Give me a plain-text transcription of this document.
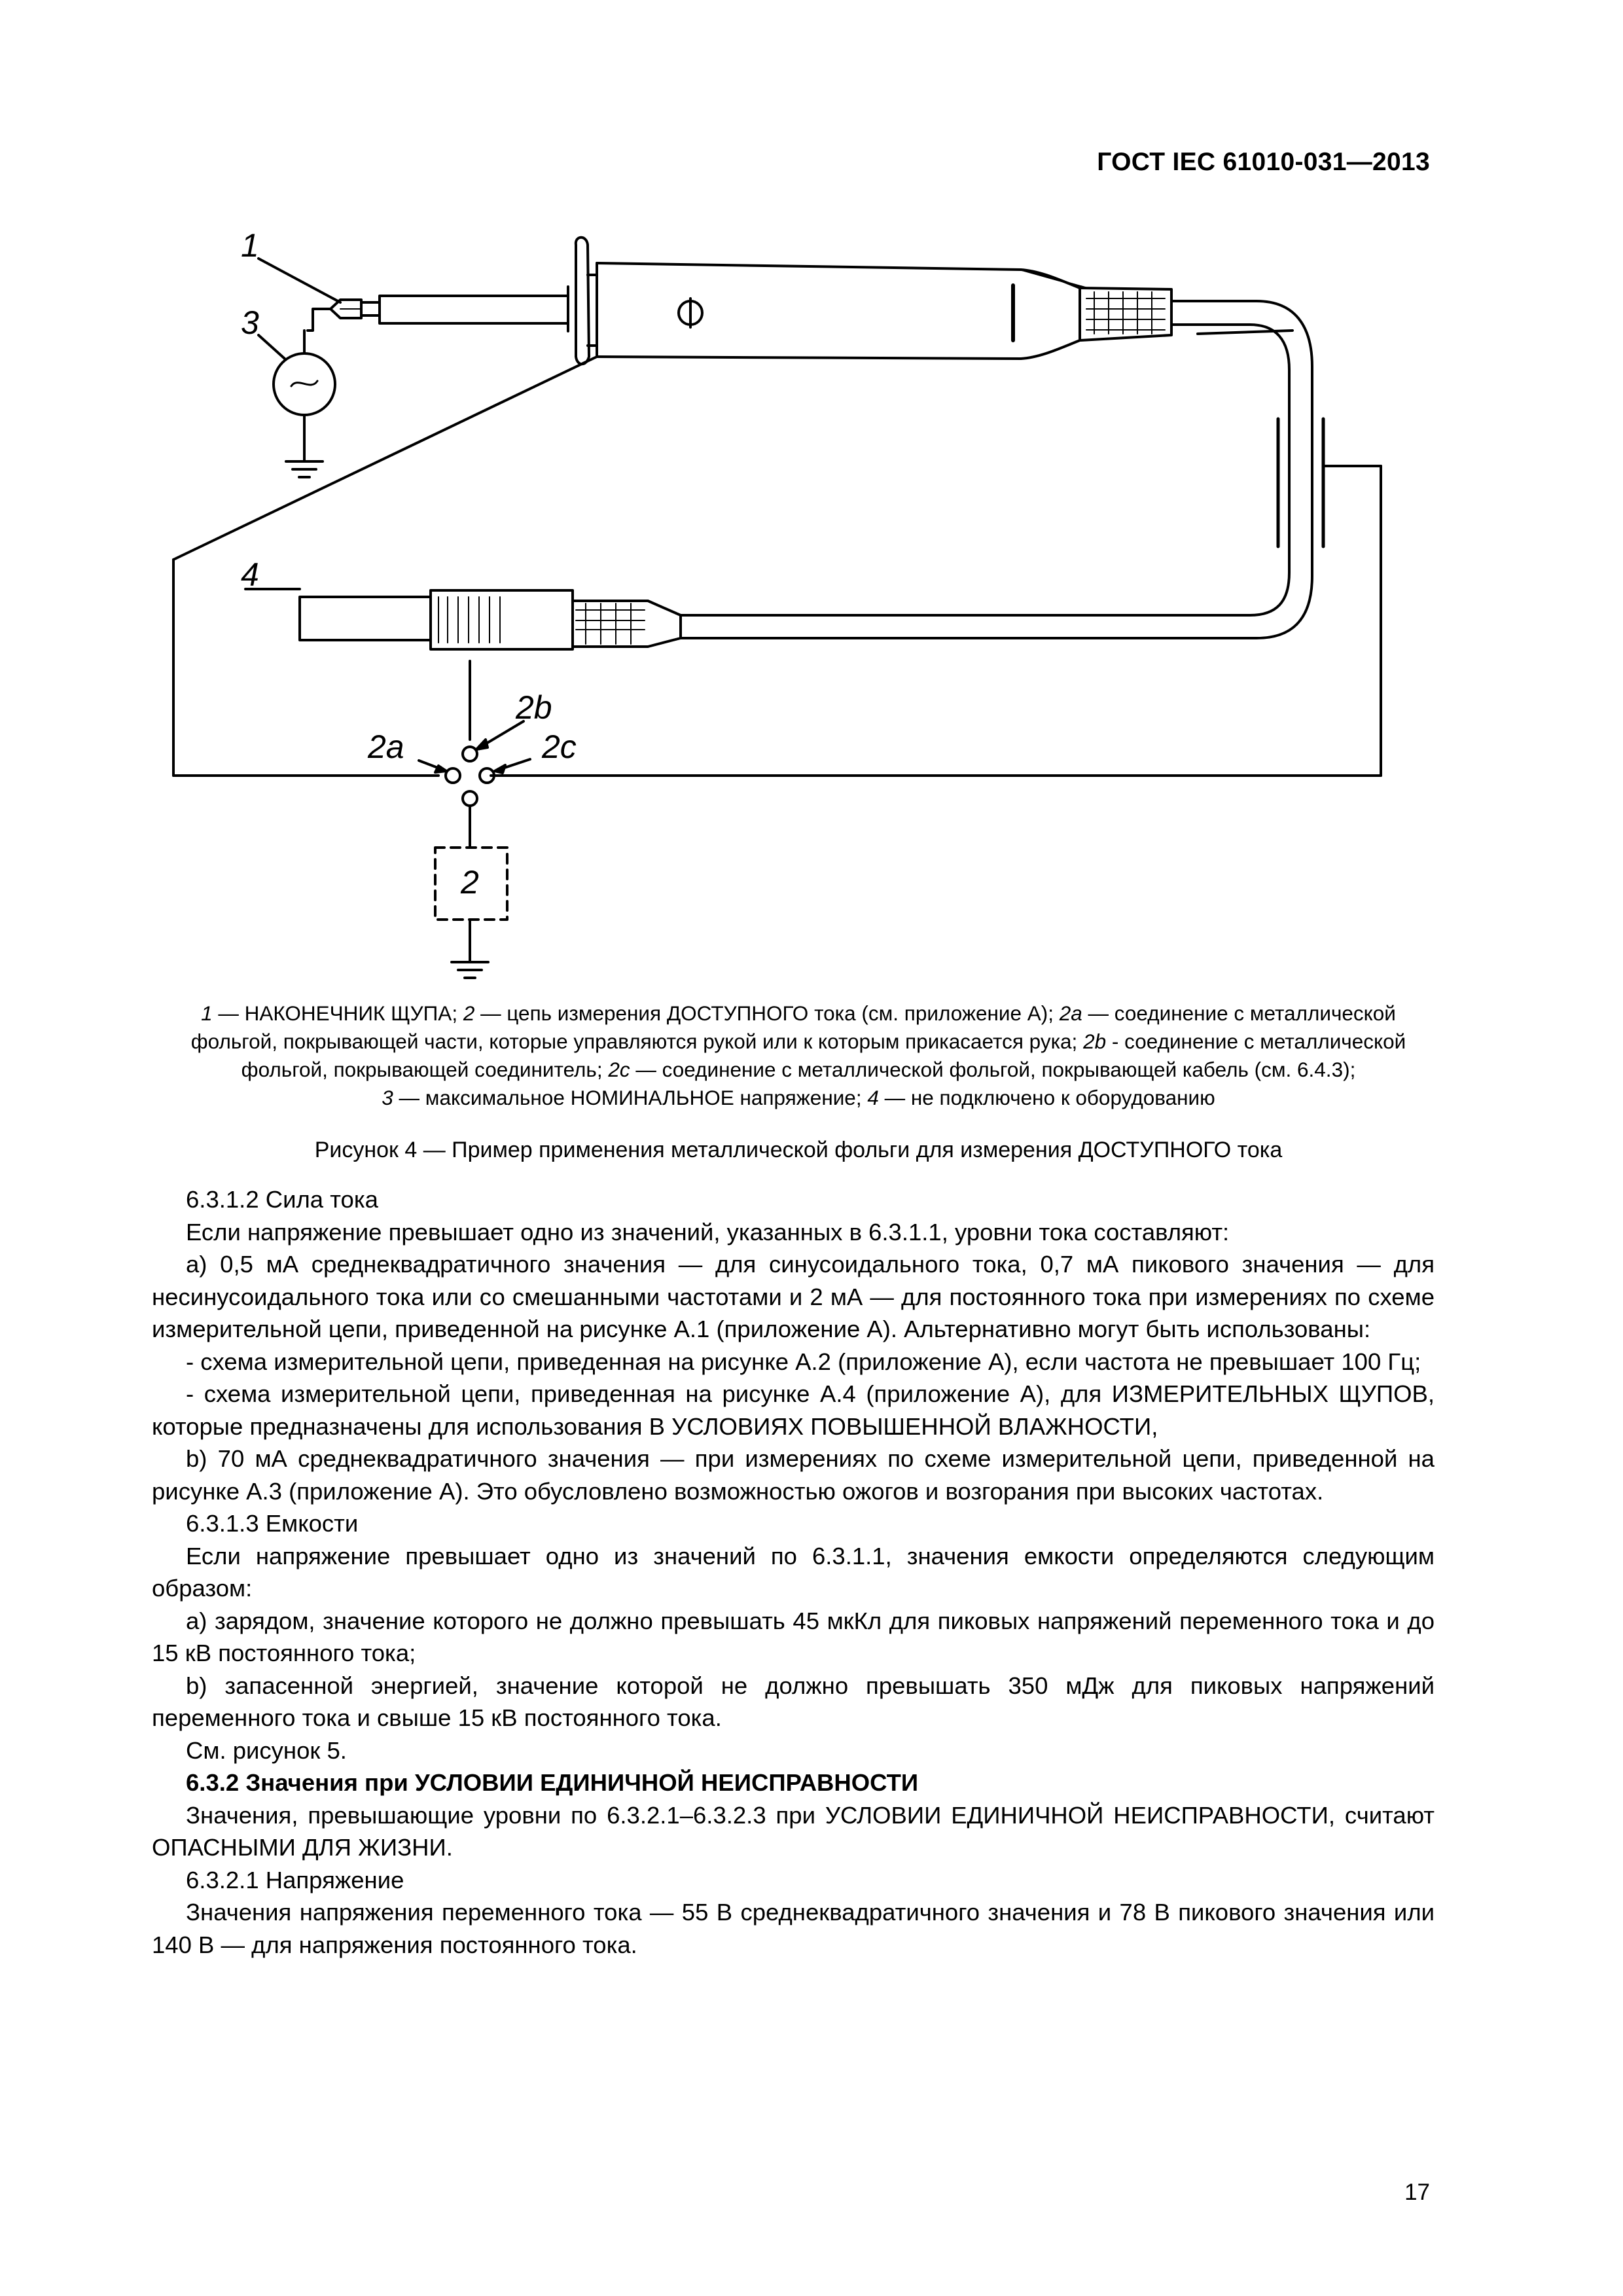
ГОСТ IEC 61010-031—2013
1
3
4
2a
2b
2c
2

1 — НАКОНЕЧНИК ЩУПА; 2 — цепь измерения ДОСТУПНОГО тока (см. приложение А); 2a — соединение с металлической

фольгой, покрывающей части, которые управляются рукой или к которым прикасается рука; 2b - соединение с металлической

фольгой, покрывающей соединитель; 2c — соединение с металлической фольгой, покрывающей кабель (см. 6.4.3);

3 — максимальное НОМИНАЛЬНОЕ напряжение; 4 — не подключено к оборудованию

Рисунок 4 — Пример применения металлической фольги для измерения ДОСТУПНОГО тока

6.3.1.2 Сила тока

Если напряжение превышает одно из значений, указанных в 6.3.1.1, уровни тока составляют:

a) 0,5 мА среднеквадратичного значения — для синусоидального тока, 0,7 мА пикового значения — для несинусоидального тока или со смешанными частотами и 2 мА — для постоянного тока при измерениях по схеме измерительной цепи, приведенной на рисунке А.1 (приложение А). Альтернативно могут быть использованы:

- схема измерительной цепи, приведенная на рисунке А.2 (приложение А), если частота не превышает 100 Гц;

- схема измерительной цепи, приведенная на рисунке А.4 (приложение А), для ИЗМЕРИТЕЛЬНЫХ ЩУПОВ, которые предназначены для использования В УСЛОВИЯХ ПОВЫШЕННОЙ ВЛАЖНОСТИ,

b) 70 мА среднеквадратичного значения — при измерениях по схеме измерительной цепи, приведенной на рисунке А.3 (приложение А). Это обусловлено возможностью ожогов и возгорания при высоких частотах.

6.3.1.3 Емкости

Если напряжение превышает одно из значений по 6.3.1.1, значения емкости определяются следующим образом:

a) зарядом, значение которого не должно превышать 45 мкКл для пиковых напряжений переменного тока и до 15 кВ постоянного тока;

b) запасенной энергией, значение которой не должно превышать 350 мДж для пиковых напряжений переменного тока и свыше 15 кВ постоянного тока.

См. рисунок 5.

6.3.2 Значения при УСЛОВИИ ЕДИНИЧНОЙ НЕИСПРАВНОСТИ

Значения, превышающие уровни по 6.3.2.1–6.3.2.3 при УСЛОВИИ ЕДИНИЧНОЙ НЕИСПРАВНОСТИ, считают ОПАСНЫМИ ДЛЯ ЖИЗНИ.

6.3.2.1 Напряжение

Значения напряжения переменного тока — 55 В среднеквадратичного значения и 78 В пикового значения или 140 В — для напряжения постоянного тока.

17
